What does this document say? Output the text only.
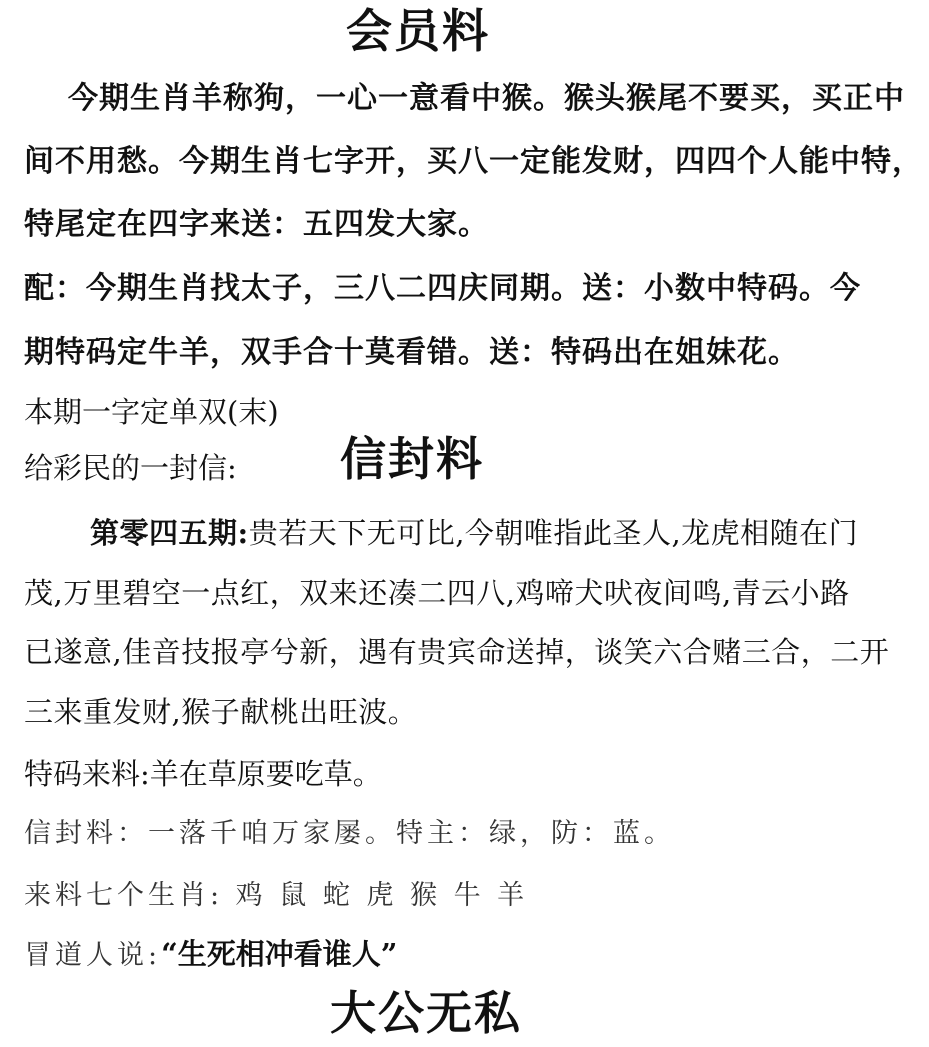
会员料
今期生肖羊称狗，一心一意看中猴。猴头猴尾不要买，买正中
间不用愁。今期生肖七字开，买八一定能发财，四四个人能中特，
特尾定在四字来送：五四发大家。
配：今期生肖找太子，三八二四庆同期。送：小数中特码。今
期特码定牛羊，双手合十莫看错。送：特码出在姐妹花。
本期一字定单双(末)
给彩民的一封信: 信封料
第零四五期:贵若天下无可比,今朝唯指此圣人,龙虎相随在门
茂,万里碧空一点红，双来还凑二四八,鸡啼犬吠夜间鸣,青云小路
已遂意,佳音技报亭兮新，遇有贵宾命送掉，谈笑六合赌三合，二开
三来重发财,猴子献桃出旺波。
特码来料:羊在草原要吃草。
信封料：一落千咱万家屡。特主：绿，防：蓝。
来料七个生肖: 鸡 鼠 蛇 虎 猴 牛 羊
冒道人说:“生死相冲看谁人”
大公无私
